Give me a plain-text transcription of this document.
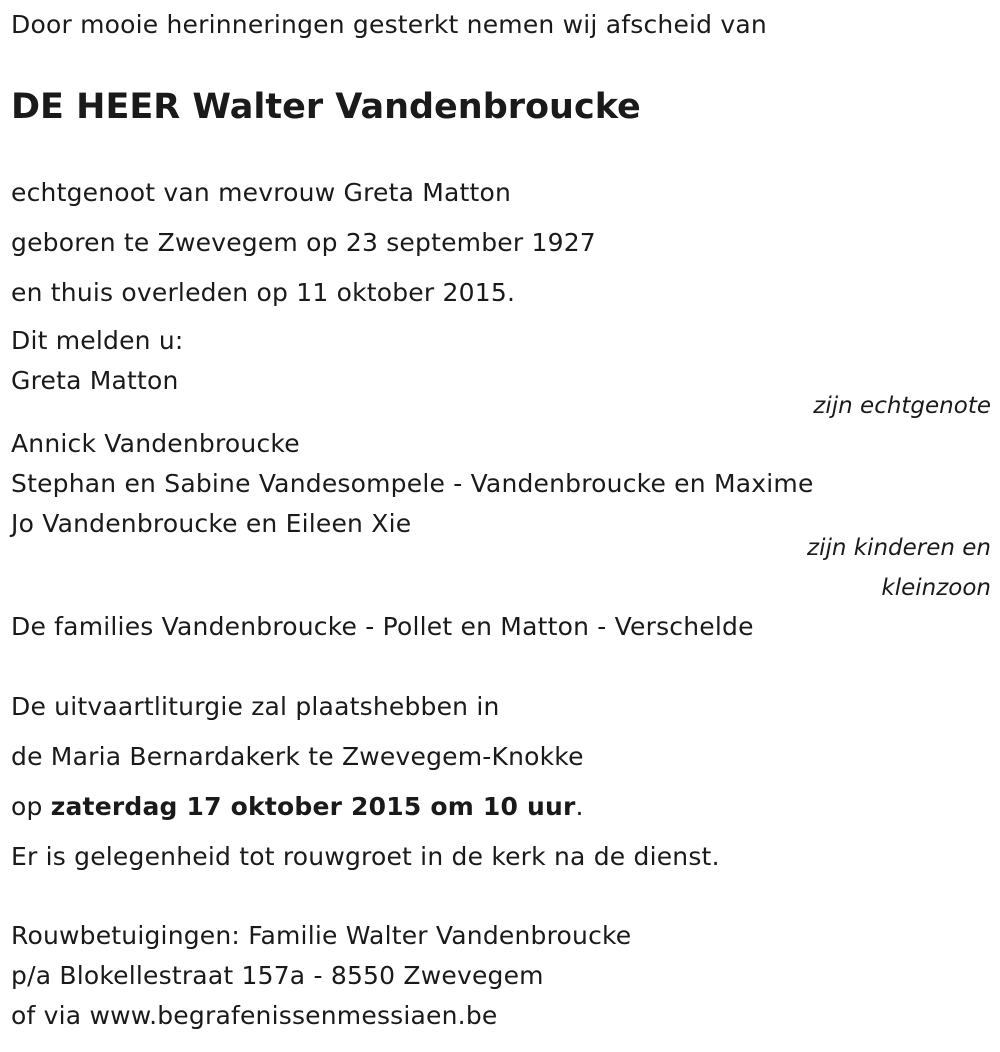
Door mooie herinneringen gesterkt nemen wij afscheid van
DE HEER Walter Vandenbroucke
echtgenoot van mevrouw Greta Matton
geboren te Zwevegem op 23 september 1927
en thuis overleden op 11 oktober 2015.
Dit melden u:
Greta Matton
zijn echtgenote
Annick Vandenbroucke
Stephan en Sabine Vandesompele - Vandenbroucke en Maxime
Jo Vandenbroucke en Eileen Xie
zijn kinderen en
kleinzoon
De families Vandenbroucke - Pollet en Matton - Verschelde
De uitvaartliturgie zal plaatshebben in
de Maria Bernardakerk te Zwevegem-Knokke
op zaterdag 17 oktober 2015 om 10 uur.
Er is gelegenheid tot rouwgroet in de kerk na de dienst.
Rouwbetuigingen: Familie Walter Vandenbroucke
p/a Blokellestraat 157a - 8550 Zwevegem
of via www.begrafenissenmessiaen.be
